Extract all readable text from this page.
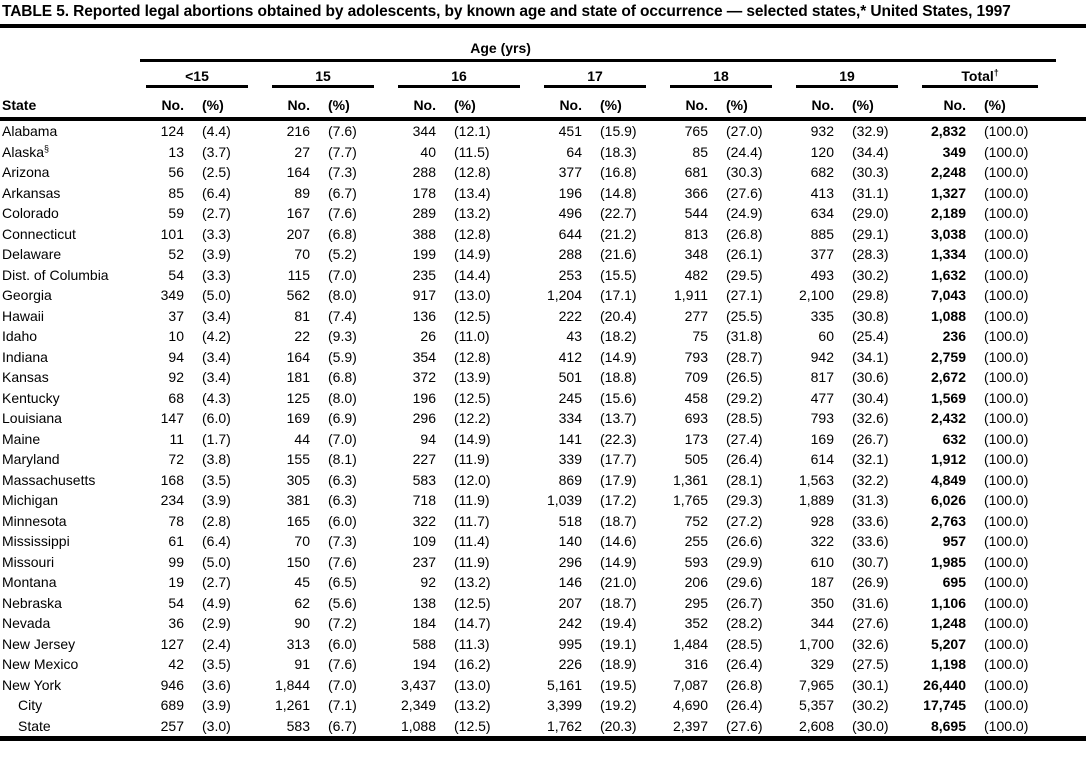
TABLE 5. Reported legal abortions obtained by adolescents, by known age and state of occurrence — selected states,* United States, 1997
	Age (yrs)														

	<15		15		16		17		18		19		Total†

State	No.	(%)	No.	(%)	No.	(%)	No.	(%)	No.	(%)	No.	(%)	No.	(%)	
Alabama	124	(4.4)	216	(7.6)	344	(12.1)	451	(15.9)	765	(27.0)	932	(32.9)	2,832	(100.0)	
Alaska§	13	(3.7)	27	(7.7)	40	(11.5)	64	(18.3)	85	(24.4)	120	(34.4)	349	(100.0)	
Arizona	56	(2.5)	164	(7.3)	288	(12.8)	377	(16.8)	681	(30.3)	682	(30.3)	2,248	(100.0)	
Arkansas	85	(6.4)	89	(6.7)	178	(13.4)	196	(14.8)	366	(27.6)	413	(31.1)	1,327	(100.0)	
Colorado	59	(2.7)	167	(7.6)	289	(13.2)	496	(22.7)	544	(24.9)	634	(29.0)	2,189	(100.0)	
Connecticut	101	(3.3)	207	(6.8)	388	(12.8)	644	(21.2)	813	(26.8)	885	(29.1)	3,038	(100.0)	
Delaware	52	(3.9)	70	(5.2)	199	(14.9)	288	(21.6)	348	(26.1)	377	(28.3)	1,334	(100.0)	
Dist. of Columbia	54	(3.3)	115	(7.0)	235	(14.4)	253	(15.5)	482	(29.5)	493	(30.2)	1,632	(100.0)	
Georgia	349	(5.0)	562	(8.0)	917	(13.0)	1,204	(17.1)	1,911	(27.1)	2,100	(29.8)	7,043	(100.0)	
Hawaii	37	(3.4)	81	(7.4)	136	(12.5)	222	(20.4)	277	(25.5)	335	(30.8)	1,088	(100.0)	
Idaho	10	(4.2)	22	(9.3)	26	(11.0)	43	(18.2)	75	(31.8)	60	(25.4)	236	(100.0)	
Indiana	94	(3.4)	164	(5.9)	354	(12.8)	412	(14.9)	793	(28.7)	942	(34.1)	2,759	(100.0)	
Kansas	92	(3.4)	181	(6.8)	372	(13.9)	501	(18.8)	709	(26.5)	817	(30.6)	2,672	(100.0)	
Kentucky	68	(4.3)	125	(8.0)	196	(12.5)	245	(15.6)	458	(29.2)	477	(30.4)	1,569	(100.0)	
Louisiana	147	(6.0)	169	(6.9)	296	(12.2)	334	(13.7)	693	(28.5)	793	(32.6)	2,432	(100.0)	
Maine	11	(1.7)	44	(7.0)	94	(14.9)	141	(22.3)	173	(27.4)	169	(26.7)	632	(100.0)	
Maryland	72	(3.8)	155	(8.1)	227	(11.9)	339	(17.7)	505	(26.4)	614	(32.1)	1,912	(100.0)	
Massachusetts	168	(3.5)	305	(6.3)	583	(12.0)	869	(17.9)	1,361	(28.1)	1,563	(32.2)	4,849	(100.0)	
Michigan	234	(3.9)	381	(6.3)	718	(11.9)	1,039	(17.2)	1,765	(29.3)	1,889	(31.3)	6,026	(100.0)	
Minnesota	78	(2.8)	165	(6.0)	322	(11.7)	518	(18.7)	752	(27.2)	928	(33.6)	2,763	(100.0)	
Mississippi	61	(6.4)	70	(7.3)	109	(11.4)	140	(14.6)	255	(26.6)	322	(33.6)	957	(100.0)	
Missouri	99	(5.0)	150	(7.6)	237	(11.9)	296	(14.9)	593	(29.9)	610	(30.7)	1,985	(100.0)	
Montana	19	(2.7)	45	(6.5)	92	(13.2)	146	(21.0)	206	(29.6)	187	(26.9)	695	(100.0)	
Nebraska	54	(4.9)	62	(5.6)	138	(12.5)	207	(18.7)	295	(26.7)	350	(31.6)	1,106	(100.0)	
Nevada	36	(2.9)	90	(7.2)	184	(14.7)	242	(19.4)	352	(28.2)	344	(27.6)	1,248	(100.0)	
New Jersey	127	(2.4)	313	(6.0)	588	(11.3)	995	(19.1)	1,484	(28.5)	1,700	(32.6)	5,207	(100.0)	
New Mexico	42	(3.5)	91	(7.6)	194	(16.2)	226	(18.9)	316	(26.4)	329	(27.5)	1,198	(100.0)	
New York	946	(3.6)	1,844	(7.0)	3,437	(13.0)	5,161	(19.5)	7,087	(26.8)	7,965	(30.1)	26,440	(100.0)	
City	689	(3.9)	1,261	(7.1)	2,349	(13.2)	3,399	(19.2)	4,690	(26.4)	5,357	(30.2)	17,745	(100.0)	
State	257	(3.0)	583	(6.7)	1,088	(12.5)	1,762	(20.3)	2,397	(27.6)	2,608	(30.0)	8,695	(100.0)	
